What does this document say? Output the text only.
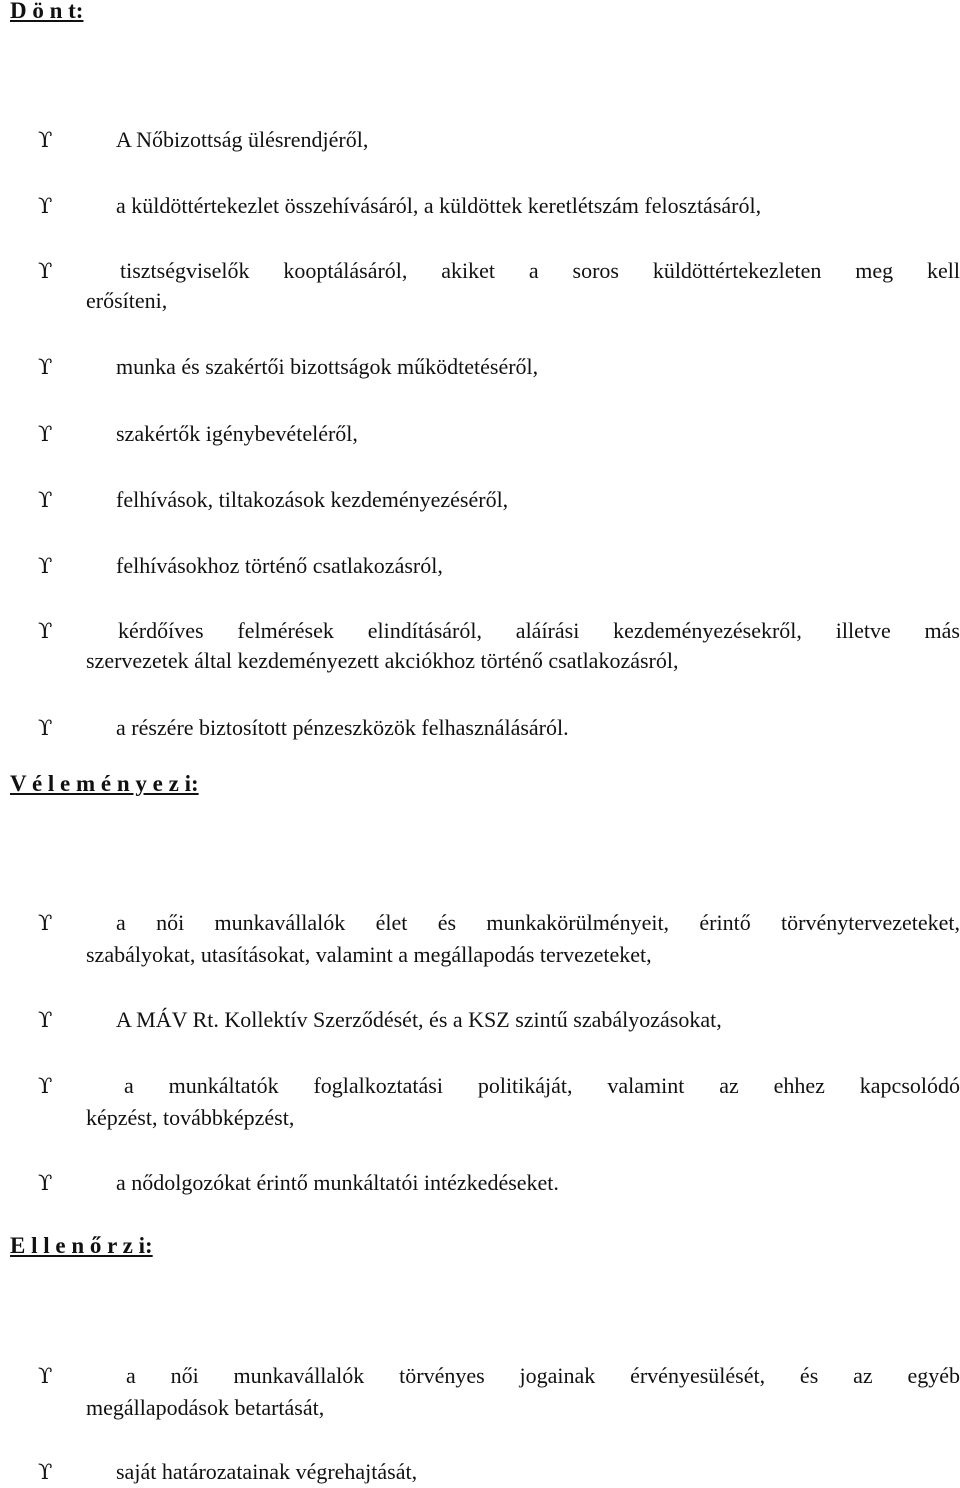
D ö n t:
ϒ	A Nőbizottság ülésrendjéről,
ϒ	a küldöttértekezlet összehívásáról, a küldöttek keretlétszám felosztásáról,
ϒ	tisztségviselők kooptálásáról, akiket a soros küldöttértekezleten meg kell
erősíteni,
ϒ	munka és szakértői bizottságok működtetéséről,
ϒ	szakértők igénybevételéről,
ϒ	felhívások, tiltakozások kezdeményezéséről,
ϒ	felhívásokhoz történő csatlakozásról,
ϒ	kérdőíves felmérések elindításáról, aláírási kezdeményezésekről, illetve más
szervezetek által kezdeményezett akciókhoz történő csatlakozásról,
ϒ	a részére biztosított pénzeszközök felhasználásáról.
V é l e m é n y e z i:
ϒ	a női munkavállalók élet és munkakörülményeit, érintő törvénytervezeteket,
szabályokat, utasításokat, valamint a megállapodás tervezeteket,
ϒ	A MÁV Rt. Kollektív Szerződését, és a KSZ szintű szabályozásokat,
ϒ	a munkáltatók foglalkoztatási politikáját, valamint az ehhez kapcsolódó
képzést, továbbképzést,
ϒ	a nődolgozókat érintő munkáltatói intézkedéseket.
E l l e n ő r z i:
ϒ	a női munkavállalók törvényes jogainak érvényesülését, és az egyéb
megállapodások betartását,
ϒ	saját határozatainak végrehajtását,
